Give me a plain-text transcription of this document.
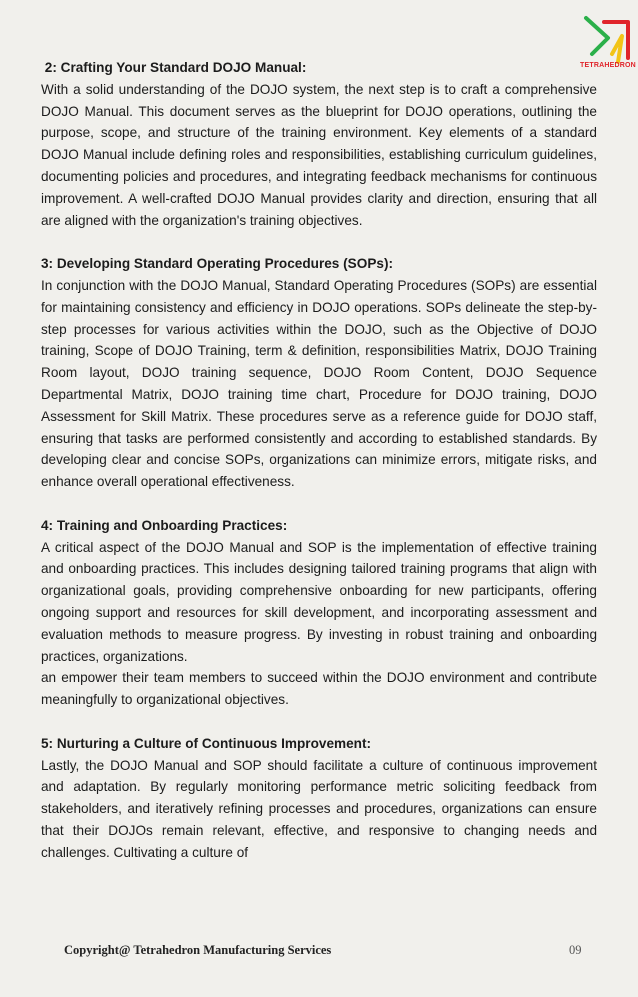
TETRAHEDRON

2: Crafting Your Standard DOJO Manual:

With a solid understanding of the DOJO system, the next step is to craft a comprehensive DOJO Manual. This document serves as the blueprint for DOJO operations, outlining the purpose, scope, and structure of the training environment. Key elements of a standard DOJO Manual include defining roles and responsibilities, establishing curriculum guidelines, documenting policies and procedures, and integrating feedback mechanisms for continuous improvement. A well-crafted DOJO Manual provides clarity and direction, ensuring that all are aligned with the organization's training objectives.

3: Developing Standard Operating Procedures (SOPs):

In conjunction with the DOJO Manual, Standard Operating Procedures (SOPs) are essential for maintaining consistency and efficiency in DOJO operations. SOPs delineate the step-by-step processes for various activities within the DOJO, such as the Objective of DOJO training, Scope of DOJO Training, term & definition, responsibilities Matrix, DOJO Training Room layout, DOJO training sequence, DOJO Room Content, DOJO Sequence Departmental Matrix, DOJO training time chart, Procedure for DOJO training, DOJO Assessment for Skill Matrix. These procedures serve as a reference guide for DOJO staff, ensuring that tasks are performed consistently and according to established standards. By developing clear and concise SOPs, organizations can minimize errors, mitigate risks, and enhance overall operational effectiveness.

4: Training and Onboarding Practices:

A critical aspect of the DOJO Manual and SOP is the implementation of effective training and onboarding practices. This includes designing tailored training programs that align with organizational goals, providing comprehensive onboarding for new participants, offering ongoing support and resources for skill development, and incorporating assessment and evaluation methods to measure progress. By investing in robust training and onboarding practices, organizations.

an empower their team members to succeed within the DOJO environment and contribute meaningfully to organizational objectives.

5: Nurturing a Culture of Continuous Improvement:

Lastly, the DOJO Manual and SOP should facilitate a culture of continuous improvement and adaptation. By regularly monitoring performance metric soliciting feedback from stakeholders, and iteratively refining processes and procedures, organizations can ensure that their DOJOs remain relevant, effective, and responsive to changing needs and challenges. Cultivating a culture of

Copyright@ Tetrahedron Manufacturing Services	09
